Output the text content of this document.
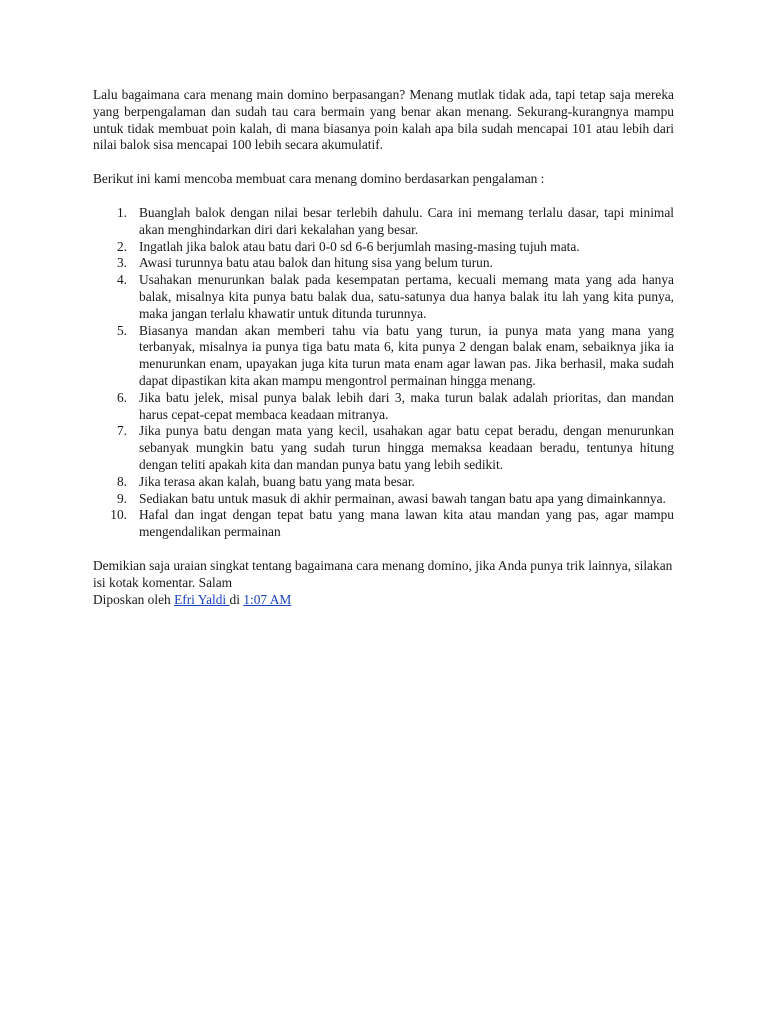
Lalu bagaimana cara menang main domino berpasangan? Menang mutlak tidak ada, tapi tetap saja mereka yang berpengalaman dan sudah tau cara bermain yang benar akan menang. Sekurang-kurangnya mampu untuk tidak membuat poin kalah, di mana biasanya poin kalah apa bila sudah mencapai 101 atau lebih dari nilai balok sisa mencapai 100 lebih secara akumulatif.

Berikut ini kami mencoba membuat cara menang domino berdasarkan pengalaman :

1. Buanglah balok dengan nilai besar terlebih dahulu. Cara ini memang terlalu dasar, tapi minimal akan menghindarkan diri dari kekalahan yang besar.
2. Ingatlah jika balok atau batu dari 0-0 sd 6-6 berjumlah masing-masing tujuh mata.
3. Awasi turunnya batu atau balok dan hitung sisa yang belum turun.
4. Usahakan menurunkan balak pada kesempatan pertama, kecuali memang mata yang ada hanya balak, misalnya kita punya batu balak dua, satu-satunya dua hanya balak itu lah yang kita punya, maka jangan terlalu khawatir untuk ditunda turunnya.
5. Biasanya mandan akan memberi tahu via batu yang turun, ia punya mata yang mana yang terbanyak, misalnya ia punya tiga batu mata 6, kita punya 2 dengan balak enam, sebaiknya jika ia menurunkan enam, upayakan juga kita turun mata enam agar lawan pas. Jika berhasil, maka sudah dapat dipastikan kita akan mampu mengontrol permainan hingga menang.
6. Jika batu jelek, misal punya balak lebih dari 3, maka turun balak adalah prioritas, dan mandan harus cepat-cepat membaca keadaan mitranya.
7. Jika punya batu dengan mata yang kecil, usahakan agar batu cepat beradu, dengan menurunkan sebanyak mungkin batu yang sudah turun hingga memaksa keadaan beradu, tentunya hitung dengan teliti apakah kita dan mandan punya batu yang lebih sedikit.
8. Jika terasa akan kalah, buang batu yang mata besar.
9. Sediakan batu untuk masuk di akhir permainan, awasi bawah tangan batu apa yang dimainkannya.
10. Hafal dan ingat dengan tepat batu yang mana lawan kita atau mandan yang pas, agar mampu mengendalikan permainan

Demikian saja uraian singkat tentang bagaimana cara menang domino, jika Anda punya trik lainnya, silakan isi kotak komentar. Salam

Diposkan oleh Efri Yaldi di 1:07 AM
